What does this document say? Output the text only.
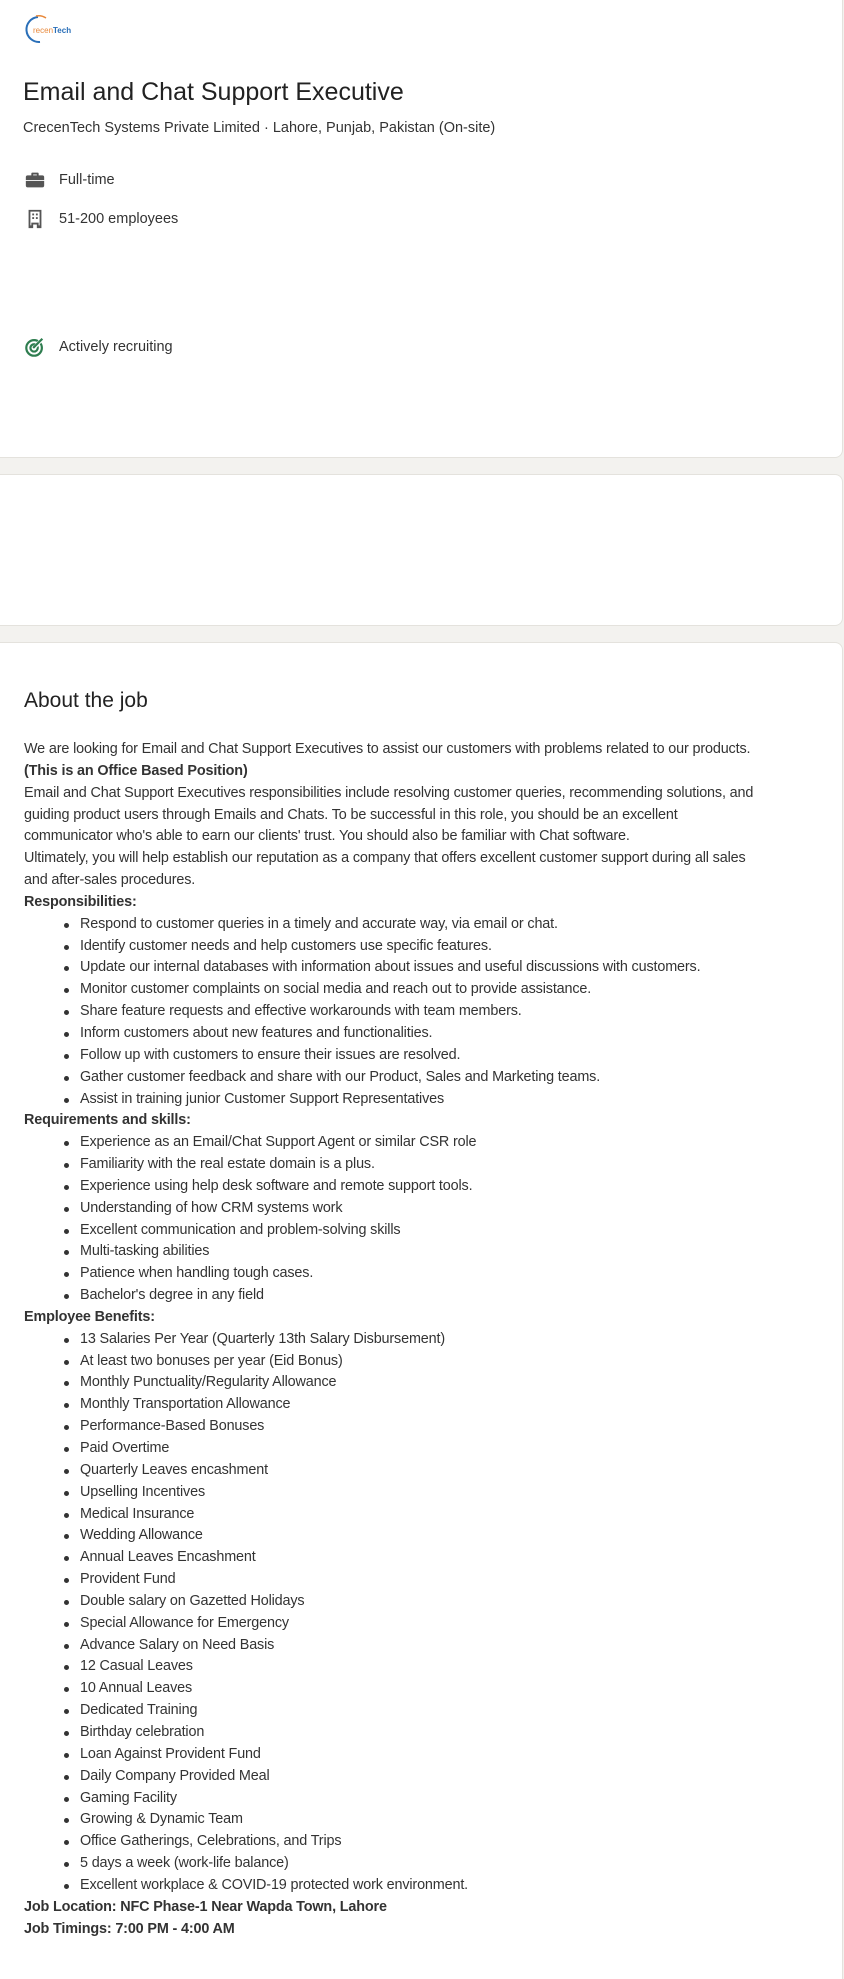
recen Tech
Email and Chat Support Executive
CrecenTech Systems Private Limited · Lahore, Punjab, Pakistan (On-site)
Full-time
51-200 employees
Actively recruiting
About the job
We are looking for Email and Chat Support Executives to assist our customers with problems related to our products.
(This is an Office Based Position)
Email and Chat Support Executives responsibilities include resolving customer queries, recommending solutions, and
guiding product users through Emails and Chats. To be successful in this role, you should be an excellent
communicator who's able to earn our clients' trust. You should also be familiar with Chat software.
Ultimately, you will help establish our reputation as a company that offers excellent customer support during all sales
and after-sales procedures.
Responsibilities:
Respond to customer queries in a timely and accurate way, via email or chat.
Identify customer needs and help customers use specific features.
Update our internal databases with information about issues and useful discussions with customers.
Monitor customer complaints on social media and reach out to provide assistance.
Share feature requests and effective workarounds with team members.
Inform customers about new features and functionalities.
Follow up with customers to ensure their issues are resolved.
Gather customer feedback and share with our Product, Sales and Marketing teams.
Assist in training junior Customer Support Representatives
Requirements and skills:
Experience as an Email/Chat Support Agent or similar CSR role
Familiarity with the real estate domain is a plus.
Experience using help desk software and remote support tools.
Understanding of how CRM systems work
Excellent communication and problem-solving skills
Multi-tasking abilities
Patience when handling tough cases.
Bachelor's degree in any field
Employee Benefits:
13 Salaries Per Year (Quarterly 13th Salary Disbursement)
At least two bonuses per year (Eid Bonus)
Monthly Punctuality/Regularity Allowance
Monthly Transportation Allowance
Performance-Based Bonuses
Paid Overtime
Quarterly Leaves encashment
Upselling Incentives
Medical Insurance
Wedding Allowance
Annual Leaves Encashment
Provident Fund
Double salary on Gazetted Holidays
Special Allowance for Emergency
Advance Salary on Need Basis
12 Casual Leaves
10 Annual Leaves
Dedicated Training
Birthday celebration
Loan Against Provident Fund
Daily Company Provided Meal
Gaming Facility
Growing & Dynamic Team
Office Gatherings, Celebrations, and Trips
5 days a week (work-life balance)
Excellent workplace & COVID-19 protected work environment.
Job Location: NFC Phase-1 Near Wapda Town, Lahore
Job Timings: 7:00 PM - 4:00 AM
